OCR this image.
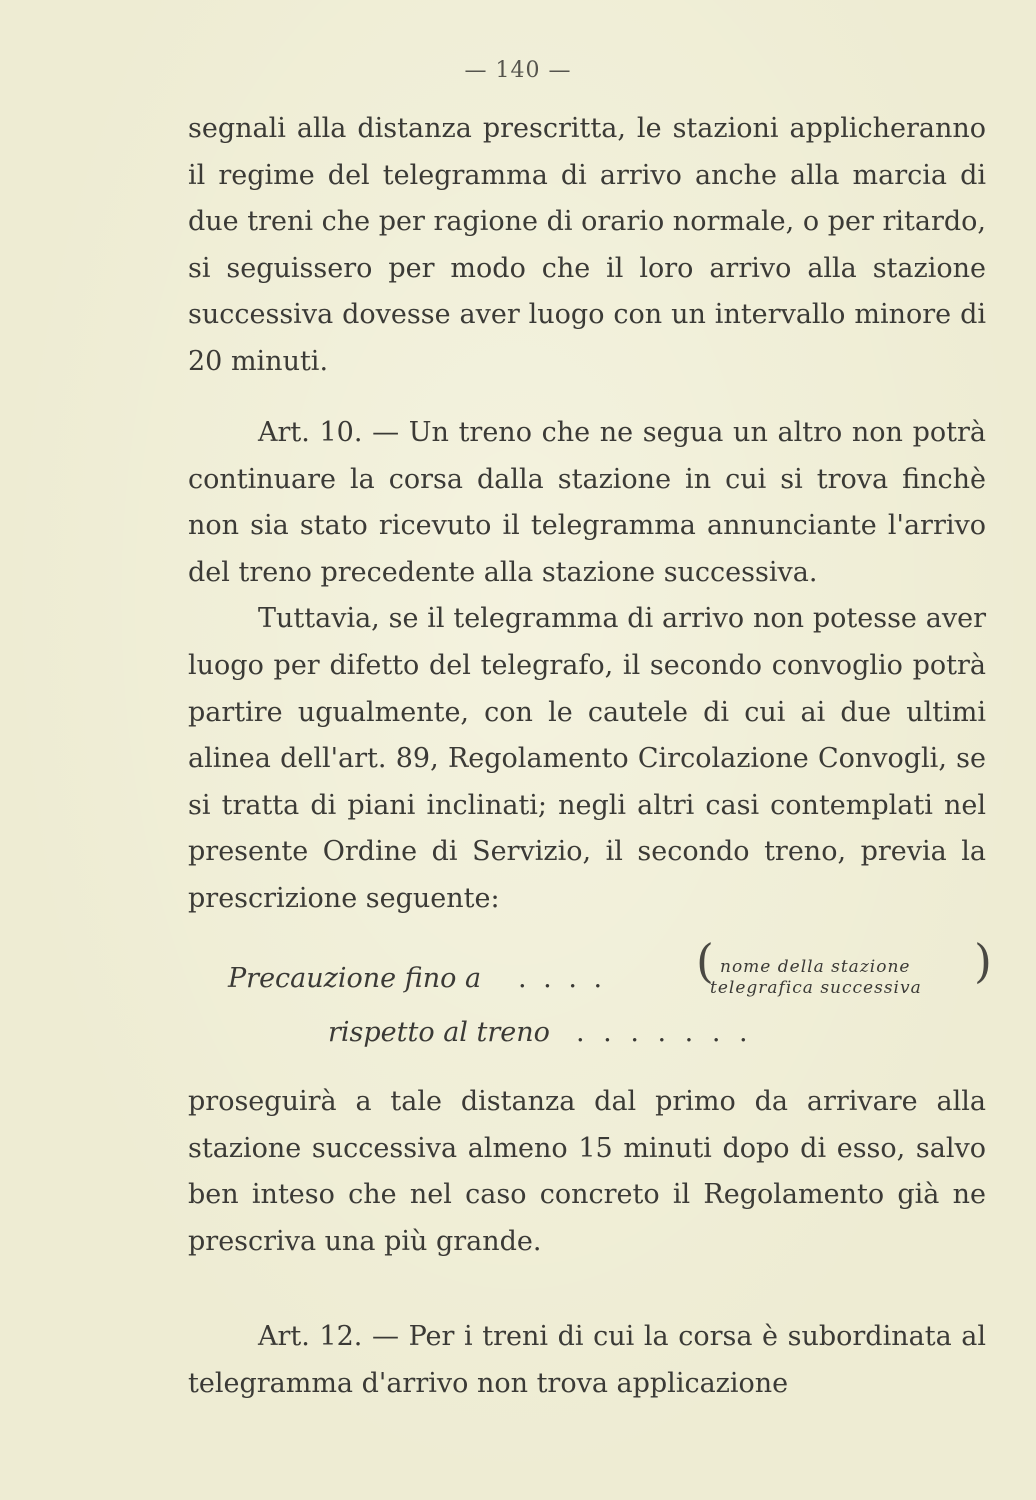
— 140 —

segnali alla distanza prescritta, le stazioni applicheranno il regime del telegramma di arrivo anche alla marcia di due treni che per ragione di orario normale, o per ritardo, si seguissero per modo che il loro arrivo alla stazione successiva dovesse aver luogo con un intervallo minore di 20 minuti.

Art. 10. — Un treno che ne segua un altro non potrà continuare la corsa dalla stazione in cui si trova finchè non sia stato ricevuto il telegramma annunciante l'arrivo del treno precedente alla stazione successiva.

Tuttavia, se il telegramma di arrivo non potesse aver luogo per difetto del telegrafo, il secondo convoglio potrà partire ugualmente, con le cautele di cui ai due ultimi alinea dell'art. 89, Regolamento Circolazione Convogli, se si tratta di piani inclinati; negli altri casi contemplati nel presente Ordine di Servizio, il secondo treno, previa la prescrizione seguente:

Precauzione fino a . . . . ( nome della stazione
telegrafica successiva )
rispetto al treno . . . . . . .

proseguirà a tale distanza dal primo da arrivare alla stazione successiva almeno 15 minuti dopo di esso, salvo ben inteso che nel caso concreto il Regolamento già ne prescriva una più grande.

Art. 12. — Per i treni di cui la corsa è subordinata al telegramma d'arrivo non trova applicazione
